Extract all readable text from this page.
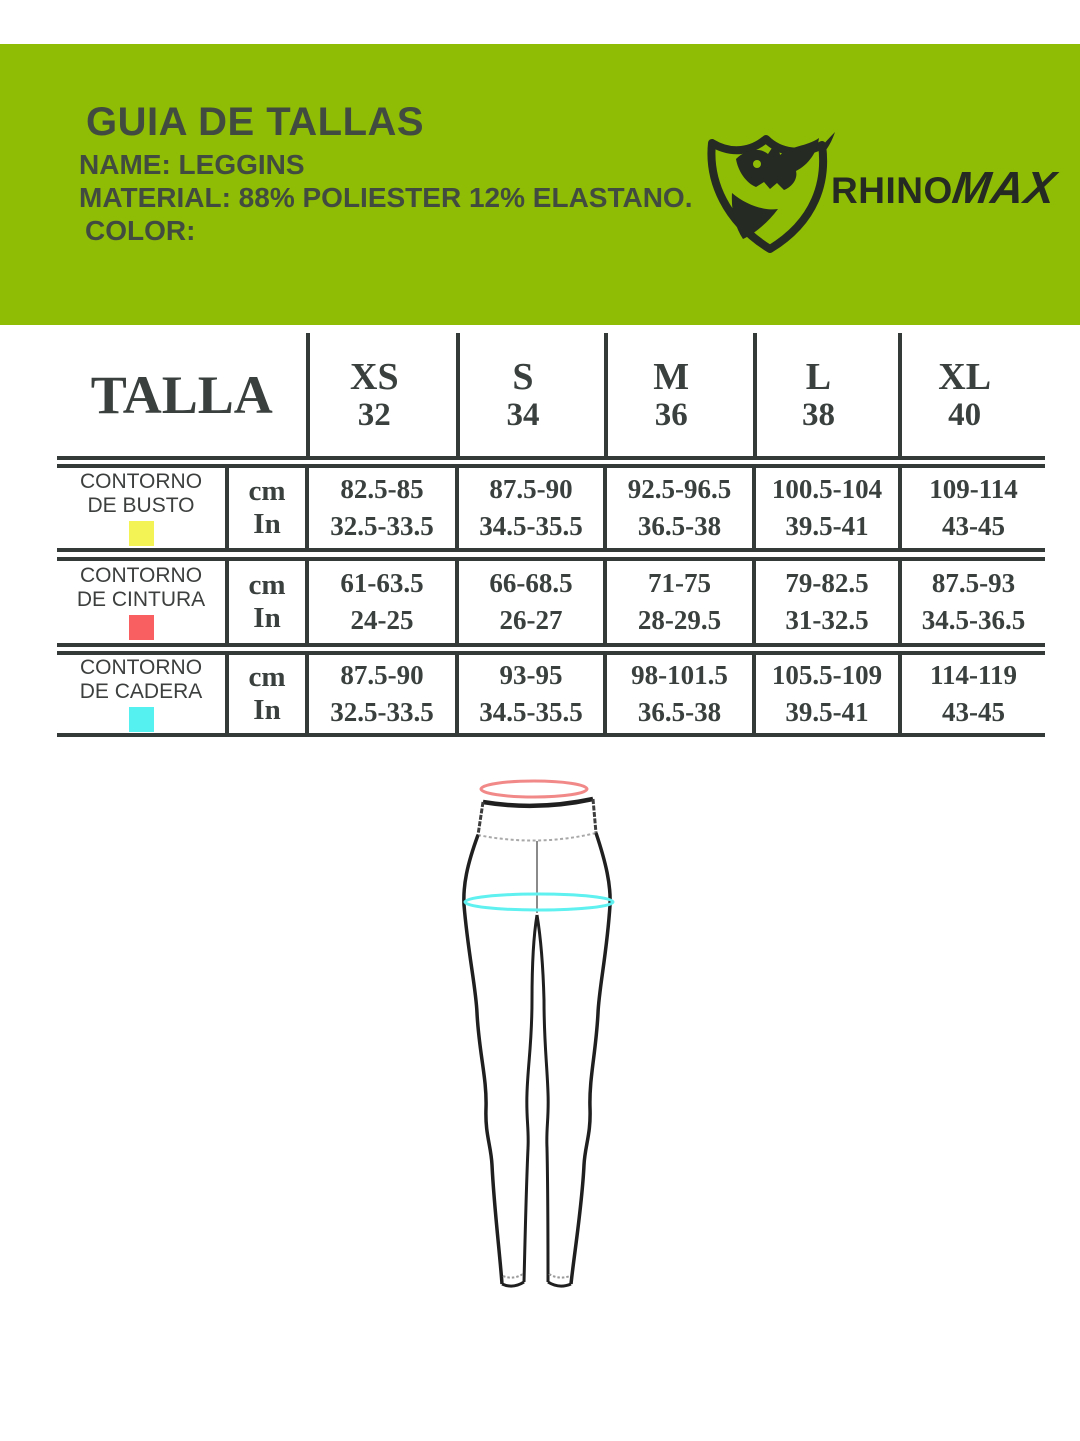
GUIA DE TALLAS
NAME: LEGGINS
MATERIAL: 88% POLIESTER 12% ELASTANO.
COLOR:
RHINO
MAX
TALLA	XS
32
S
34
M
36
L
38
XL
40
CONTORNO
DE BUSTO cm
In
82.5-85
32.5-33.5
87.5-90
34.5-35.5
92.5-96.5
36.5-38
100.5-104
39.5-41
109-114
43-45
CONTORNO
DE CINTURA cm
In
61-63.5
24-25
66-68.5
26-27
71-75
28-29.5
79-82.5
31-32.5
87.5-93
34.5-36.5
CONTORNO
DE CADERA cm
In
87.5-90
32.5-33.5
93-95
34.5-35.5
98-101.5
36.5-38
105.5-109
39.5-41
114-119
43-45
